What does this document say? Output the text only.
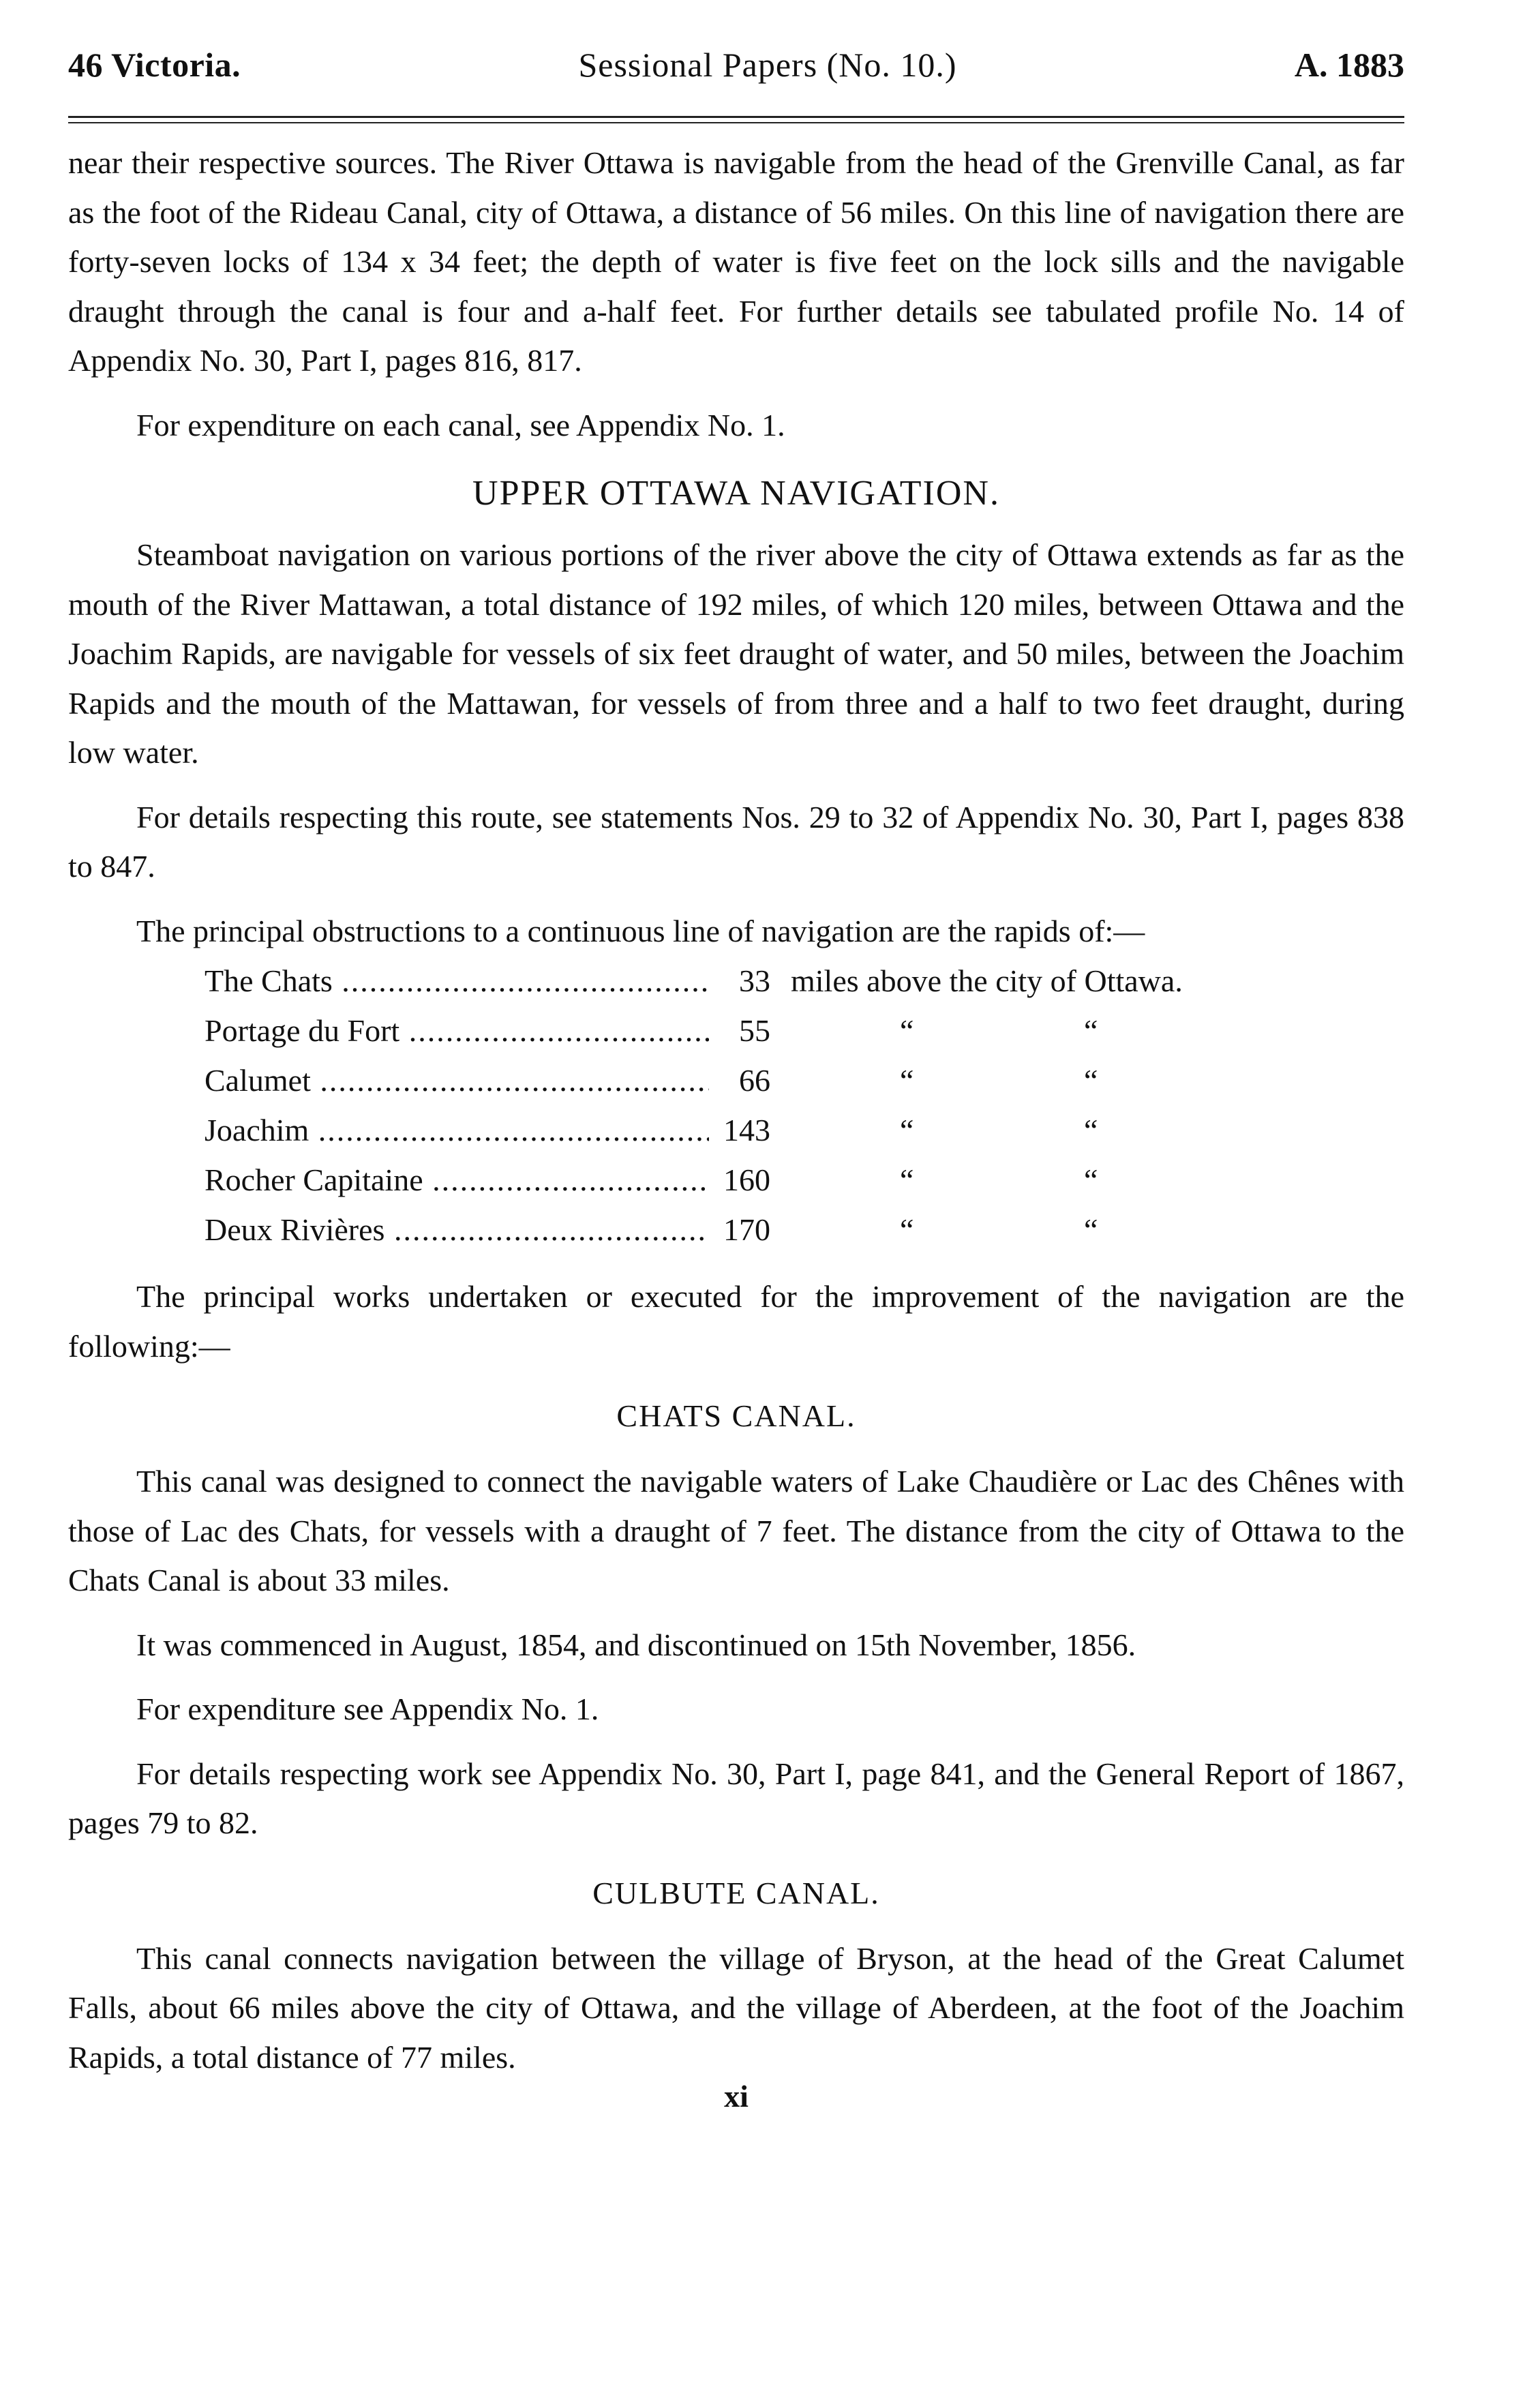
46 Victoria.	Sessional Papers (No. 10.)	A. 1883

near their respective sources. The River Ottawa is navigable from the head of the Grenville Canal, as far as the foot of the Rideau Canal, city of Ottawa, a distance of 56 miles. On this line of navigation there are forty-seven locks of 134 x 34 feet; the depth of water is five feet on the lock sills and the navigable draught through the canal is four and a-half feet. For further details see tabulated profile No. 14 of Appendix No. 30, Part I, pages 816, 817.

For expenditure on each canal, see Appendix No. 1.

UPPER OTTAWA NAVIGATION.

Steamboat navigation on various portions of the river above the city of Ottawa extends as far as the mouth of the River Mattawan, a total distance of 192 miles, of which 120 miles, between Ottawa and the Joachim Rapids, are navigable for vessels of six feet draught of water, and 50 miles, between the Joachim Rapids and the mouth of the Mattawan, for vessels of from three and a half to two feet draught, during low water.

For details respecting this route, see statements Nos. 29 to 32 of Appendix No. 30, Part I, pages 838 to 847.

The principal obstructions to a continuous line of navigation are the rapids of:—

The Chats .....	33 miles above the city of Ottawa.
Portage du Fort .....	55	“	“
Calumet .....	66	“	“
Joachim .....	143	“	“
Rocher Capitaine .....	160	“	“
Deux Rivières .....	170	“	“

The principal works undertaken or executed for the improvement of the navigation are the following:—

CHATS CANAL.

This canal was designed to connect the navigable waters of Lake Chaudière or Lac des Chênes with those of Lac des Chats, for vessels with a draught of 7 feet. The distance from the city of Ottawa to the Chats Canal is about 33 miles.

It was commenced in August, 1854, and discontinued on 15th November, 1856.

For expenditure see Appendix No. 1.

For details respecting work see Appendix No. 30, Part I, page 841, and the General Report of 1867, pages 79 to 82.

CULBUTE CANAL.

This canal connects navigation between the village of Bryson, at the head of the Great Calumet Falls, about 66 miles above the city of Ottawa, and the village of Aberdeen, at the foot of the Joachim Rapids, a total distance of 77 miles.

xi
